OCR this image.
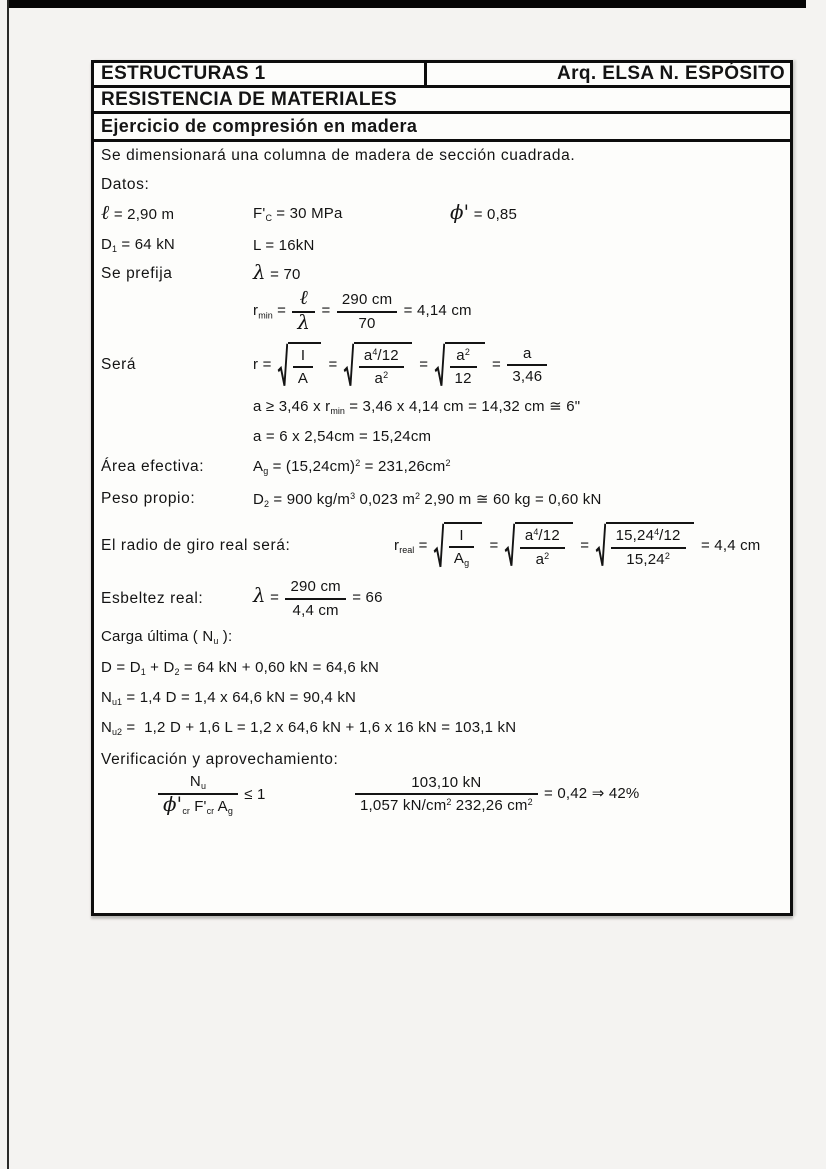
ESTRUCTURAS 1	Arq. ELSA N. ESPÓSITO
RESISTENCIA DE MATERIALES
Ejercicio de compresión en madera

Se dimensionará una columna de madera de sección cuadrada.

Datos:

ℓ = 2,90 m	$F'_C = 30$ MPa	ϕ' = 0,85
$D_1 = 64$ kN	L = 16kN
Se prefija	λ = 70
$r_{min} = \frac{\text{ℓ}}{\lambda} = \frac{290 cm}{70} = 4,14$ cm
Será	$r = \frac{I}{A} = \frac{a^4/12}{a^2} = \frac{a^2}{12} = \frac{a}{3,46}$
a ≥ 3,46 x $r_{min} = 3,46$ x 4,14 cm = 14,32 cm ≅ 6"
a = 6 x 2,54cm = 15,24cm
Área efectiva:	$A_g = (15,24cm)^2 = 231,26cm^2$
Peso propio:	$D_2 = 900$ $kg/m^3$ 0,023 $m^2$ 2,90 m ≅ 60 kg = 0,60 kN
El radio de giro real será:	$r_{real} = \frac{I}{A_g} = \frac{a^4/12}{a^2} = \frac{15,24^4/12}{15,24^2} = 4,4$ cm
Esbeltez real:	$\lambda = \frac{290 cm}{4,4 cm} = 66$
Carga última ( $N_u$ ):
$D = D_1 + D_2 = 64$ kN + 0,60 kN = 64,6 kN
$N_{u1} = 1,4$ D = 1,4 x 64,6 kN = 90,4 kN
$N_{u2} = 1,2$ D + 1,6 L = 1,2 x 64,6 kN + 1,6 x 16 kN = 103,1 kN

Verificación y aprovechamiento:

$\frac{N_u}{\phi'_{cr} F'_{cr} A_g} \le 1$	$\frac{103,10 kN}{1,057 kN/cm^2 232,26 cm^2} = 0,42$ ⇒ 42%
